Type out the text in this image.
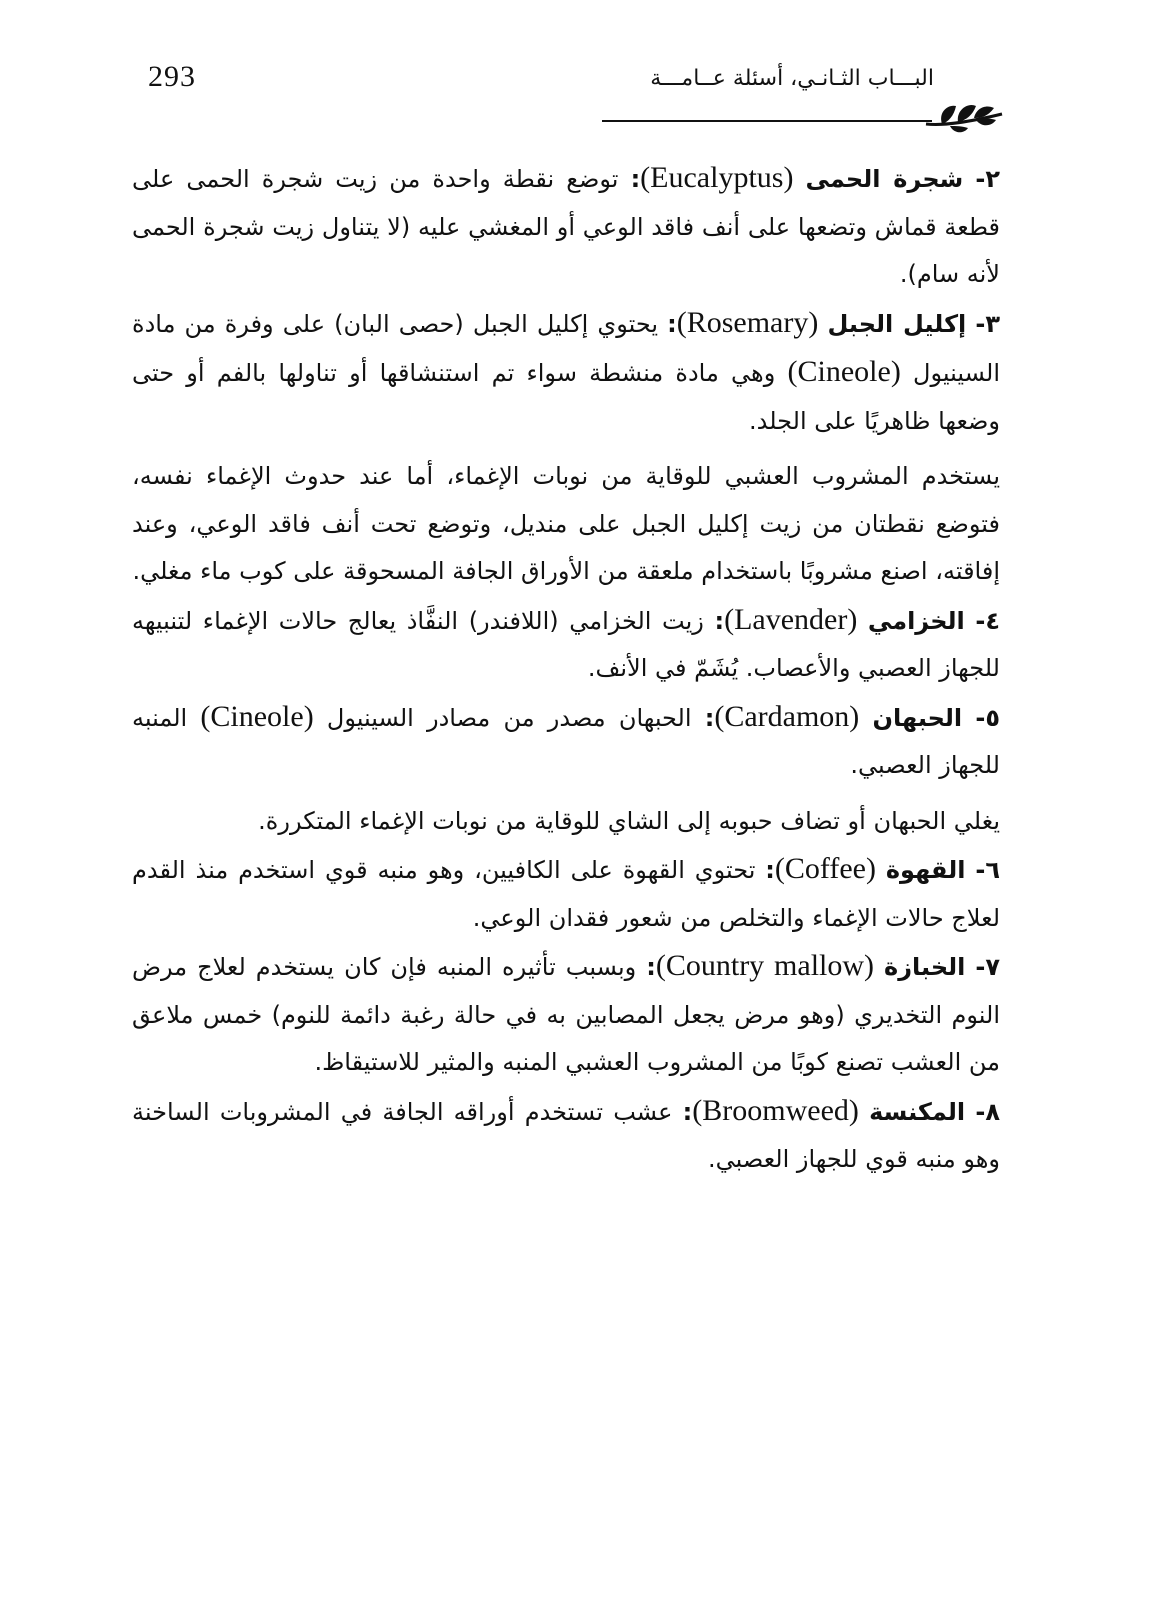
293	البـــاب الثـانـي، أسئلة عــامـــة

٢- شجرة الحمى (Eucalyptus): توضع نقطة واحدة من زيت شجرة الحمى على قطعة قماش وتضعها على أنف فاقد الوعي أو المغشي عليه (لا يتناول زيت شجرة الحمى لأنه سام).

٣- إكليل الجبل (Rosemary): يحتوي إكليل الجبل (حصى البان) على وفرة من مادة السينيول (Cineole) وهي مادة منشطة سواء تم استنشاقها أو تناولها بالفم أو حتى وضعها ظاهريًا على الجلد.

يستخدم المشروب العشبي للوقاية من نوبات الإغماء، أما عند حدوث الإغماء نفسه، فتوضع نقطتان من زيت إكليل الجبل على منديل، وتوضع تحت أنف فاقد الوعي، وعند إفاقته، اصنع مشروبًا باستخدام ملعقة من الأوراق الجافة المسحوقة على كوب ماء مغلي.

٤- الخزامي (Lavender): زيت الخزامي (اللافندر) النفَّاذ يعالج حالات الإغماء لتنبيهه للجهاز العصبي والأعصاب. يُشَمّ في الأنف.

٥- الحبهان (Cardamon): الحبهان مصدر من مصادر السينيول (Cineole) المنبه للجهاز العصبي.

يغلي الحبهان أو تضاف حبوبه إلى الشاي للوقاية من نوبات الإغماء المتكررة.

٦- القهوة (Coffee): تحتوي القهوة على الكافيين، وهو منبه قوي استخدم منذ القدم لعلاج حالات الإغماء والتخلص من شعور فقدان الوعي.

٧- الخبازة (Country mallow): وبسبب تأثيره المنبه فإن كان يستخدم لعلاج مرض النوم التخديري (وهو مرض يجعل المصابين به في حالة رغبة دائمة للنوم) خمس ملاعق من العشب تصنع كوبًا من المشروب العشبي المنبه والمثير للاستيقاظ.

٨- المكنسة (Broomweed): عشب تستخدم أوراقه الجافة في المشروبات الساخنة وهو منبه قوي للجهاز العصبي.
